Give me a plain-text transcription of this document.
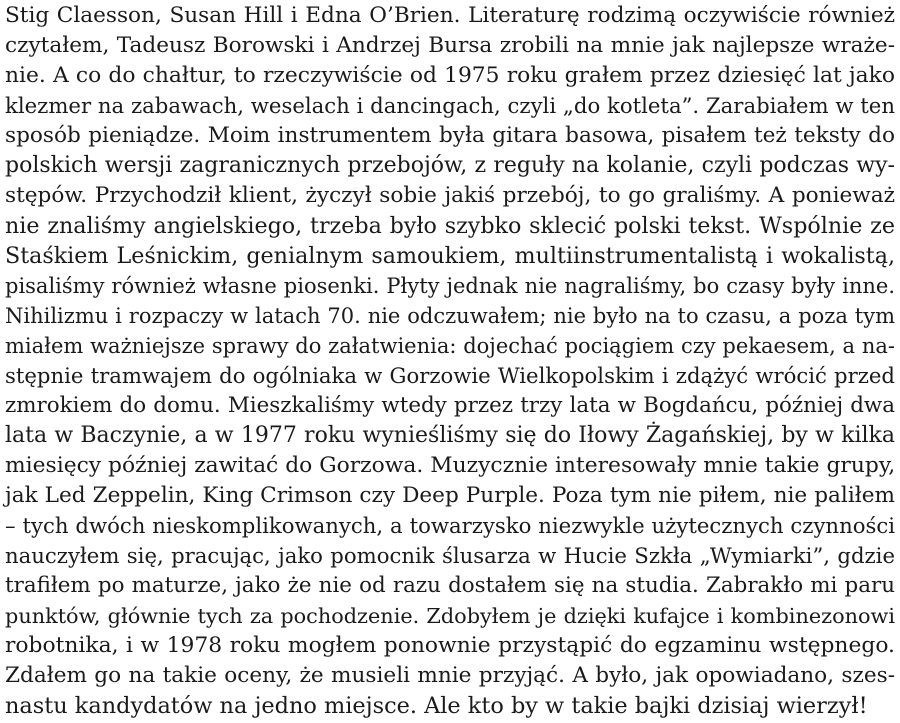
Stig Claesson, Susan Hill i Edna O’Brien. Literaturę rodzimą oczywiście również
czytałem, Tadeusz Borowski i Andrzej Bursa zrobili na mnie jak najlepsze wraże-
nie. A co do chałtur, to rzeczywiście od 1975 roku grałem przez dziesięć lat jako
klezmer na zabawach, weselach i dancingach, czyli „do kotleta”. Zarabiałem w ten
sposób pieniądze. Moim instrumentem była gitara basowa, pisałem też teksty do
polskich wersji zagranicznych przebojów, z reguły na kolanie, czyli podczas wy-
stępów. Przychodził klient, życzył sobie jakiś przebój, to go graliśmy. A ponieważ
nie znaliśmy angielskiego, trzeba było szybko sklecić polski tekst. Wspólnie ze
Staśkiem Leśnickim, genialnym samoukiem, multiinstrumentalistą i wokalistą,
pisaliśmy również własne piosenki. Płyty jednak nie nagraliśmy, bo czasy były inne.
Nihilizmu i rozpaczy w latach 70. nie odczuwałem; nie było na to czasu, a poza tym
miałem ważniejsze sprawy do załatwienia: dojechać pociągiem czy pekaesem, a na-
stępnie tramwajem do ogólniaka w Gorzowie Wielkopolskim i zdążyć wrócić przed
zmrokiem do domu. Mieszkaliśmy wtedy przez trzy lata w Bogdańcu, później dwa
lata w Baczynie, a w 1977 roku wynieśliśmy się do Iłowy Żagańskiej, by w kilka
miesięcy później zawitać do Gorzowa. Muzycznie interesowały mnie takie grupy,
jak Led Zeppelin, King Crimson czy Deep Purple. Poza tym nie piłem, nie paliłem
– tych dwóch nieskomplikowanych, a towarzysko niezwykle użytecznych czynności
nauczyłem się, pracując, jako pomocnik ślusarza w Hucie Szkła „Wymiarki”, gdzie
trafiłem po maturze, jako że nie od razu dostałem się na studia. Zabrakło mi paru
punktów, głównie tych za pochodzenie. Zdobyłem je dzięki kufajce i kombinezonowi
robotnika, i w 1978 roku mogłem ponownie przystąpić do egzaminu wstępnego.
Zdałem go na takie oceny, że musieli mnie przyjąć. A było, jak opowiadano, szes-
nastu kandydatów na jedno miejsce. Ale kto by w takie bajki dzisiaj wierzył!
